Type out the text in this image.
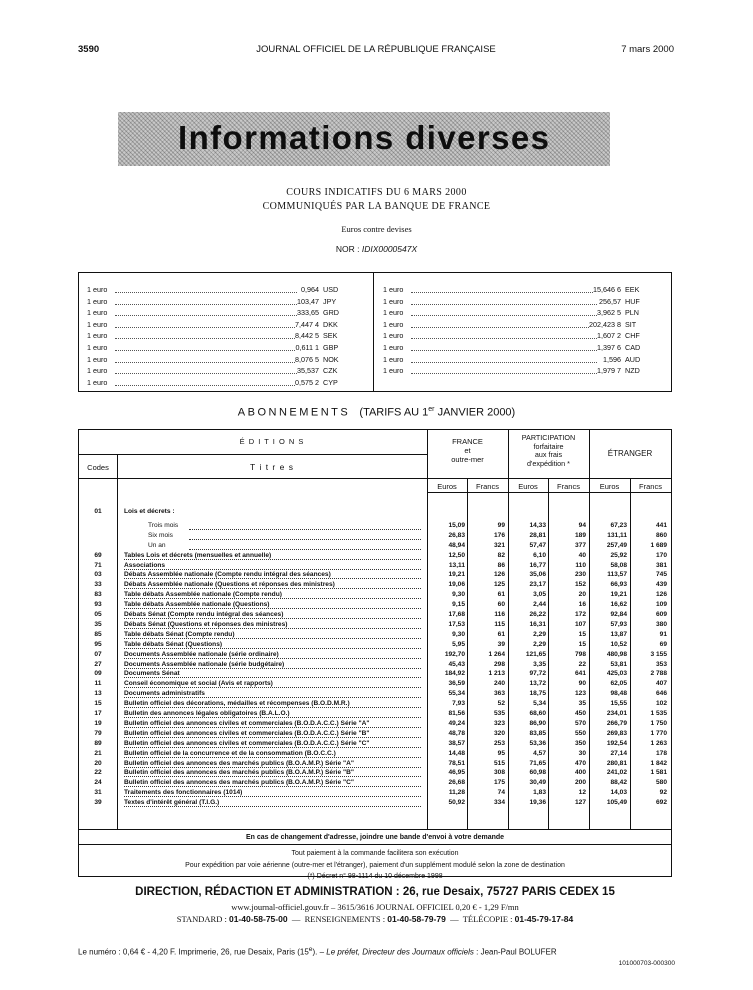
3590	JOURNAL OFFICIEL DE LA RÉPUBLIQUE FRANÇAISE	7 mars 2000
Informations diverses
COURS INDICATIFS DU 6 MARS 2000
COMMUNIQUÉS PAR LA BANQUE DE FRANCE
Euros contre devises
NOR : IDIX0000547X
1 euro	0,964 USD
1 euro	103,47 JPY
1 euro	333,65 GRD
1 euro	7,447 4 DKK
1 euro	8,442 5 SEK
1 euro	0,611 1 GBP
1 euro	8,076 5 NOK
1 euro	35,537 CZK
1 euro	0,575 2 CYP
1 euro	15,646 6 EEK
1 euro	256,57 HUF
1 euro	3,962 5 PLN
1 euro	202,423 8 SIT
1 euro	1,607 2 CHF
1 euro	1,397 6 CAD
1 euro	1,596 AUD
1 euro	1,979 7 NZD
ABONNEMENTS (TARIFS AU 1er JANVIER 2000)
É D I T I O N S
Codes	T i t r e s
FRANCE
et
outre-mer
PARTICIPATION
forfaitaire
aux frais
d'expédition *
ÉTRANGER
Euros	Francs	Euros	Francs	Euros	Francs
01	Lois et décrets :
Trois mois	15,09	99	14,33	94	67,23	441
Six mois	26,83	176	28,81	189	131,11	860
Un an	48,94	321	57,47	377	257,49	1 689
69	Tables Lois et décrets (mensuelles et annuelle)	12,50	82	6,10	40	25,92	170
71	Associations	13,11	86	16,77	110	58,08	381
03	Débats Assemblée nationale (Compte rendu intégral des séances)	19,21	126	35,06	230	113,57	745
33	Débats Assemblée nationale (Questions et réponses des ministres)	19,06	125	23,17	152	66,93	439
83	Table débats Assemblée nationale (Compte rendu)	9,30	61	3,05	20	19,21	126
93	Table débats Assemblée nationale (Questions)	9,15	60	2,44	16	16,62	109
05	Débats Sénat (Compte rendu intégral des séances)	17,68	116	26,22	172	92,84	609
35	Débats Sénat (Questions et réponses des ministres)	17,53	115	16,31	107	57,93	380
85	Table débats Sénat (Compte rendu)	9,30	61	2,29	15	13,87	91
95	Table débats Sénat (Questions)	5,95	39	2,29	15	10,52	69
07	Documents Assemblée nationale (série ordinaire)	192,70	1 264	121,65	798	480,98	3 155
27	Documents Assemblée nationale (série budgétaire)	45,43	298	3,35	22	53,81	353
09	Documents Sénat	184,92	1 213	97,72	641	425,03	2 788
11	Conseil économique et social (Avis et rapports)	36,59	240	13,72	90	62,05	407
13	Documents administratifs	55,34	363	18,75	123	98,48	646
15	Bulletin officiel des décorations, médailles et récompenses (B.O.D.M.R.)	7,93	52	5,34	35	15,55	102
17	Bulletin des annonces légales obligatoires (B.A.L.O.)	81,56	535	68,60	450	234,01	1 535
19	Bulletin officiel des annonces civiles et commerciales (B.O.D.A.C.C.) Série "A"	49,24	323	86,90	570	266,79	1 750
79	Bulletin officiel des annonces civiles et commerciales (B.O.D.A.C.C.) Série "B"	48,78	320	83,85	550	269,83	1 770
89	Bulletin officiel des annonces civiles et commerciales (B.O.D.A.C.C.) Série "C"	38,57	253	53,36	350	192,54	1 263
21	Bulletin officiel de la concurrence et de la consommation (B.O.C.C.)	14,48	95	4,57	30	27,14	178
20	Bulletin officiel des annonces des marchés publics (B.O.A.M.P.) Série "A"	78,51	515	71,65	470	280,81	1 842
22	Bulletin officiel des annonces des marchés publics (B.O.A.M.P.) Série "B"	46,95	308	60,98	400	241,02	1 581
24	Bulletin officiel des annonces des marchés publics (B.O.A.M.P.) Série "C"	26,68	175	30,49	200	88,42	580
31	Traitements des fonctionnaires (1014)	11,28	74	1,83	12	14,03	92
39	Textes d'intérêt général (T.I.G.)	50,92	334	19,36	127	105,49	692
En cas de changement d'adresse, joindre une bande d'envoi à votre demande
Tout paiement à la commande facilitera son exécution
Pour expédition par voie aérienne (outre-mer et l'étranger), paiement d'un supplément modulé selon la zone de destination
(*) Décret n° 98-1114 du 10 décembre 1998
DIRECTION, RÉDACTION ET ADMINISTRATION : 26, rue Desaix, 75727 PARIS CEDEX 15
www.journal-officiel.gouv.fr – 3615/3616 JOURNAL OFFICIEL 0,20 € - 1,29 F/mn
STANDARD : 01-40-58-75-00  —  RENSEIGNEMENTS : 01-40-58-79-79  —  TÉLÉCOPIE : 01-45-79-17-84
Le numéro : 0,64 € - 4,20 F. Imprimerie, 26, rue Desaix, Paris (15e). – Le préfet, Directeur des Journaux officiels : Jean-Paul BOLUFER
101000703-000300
